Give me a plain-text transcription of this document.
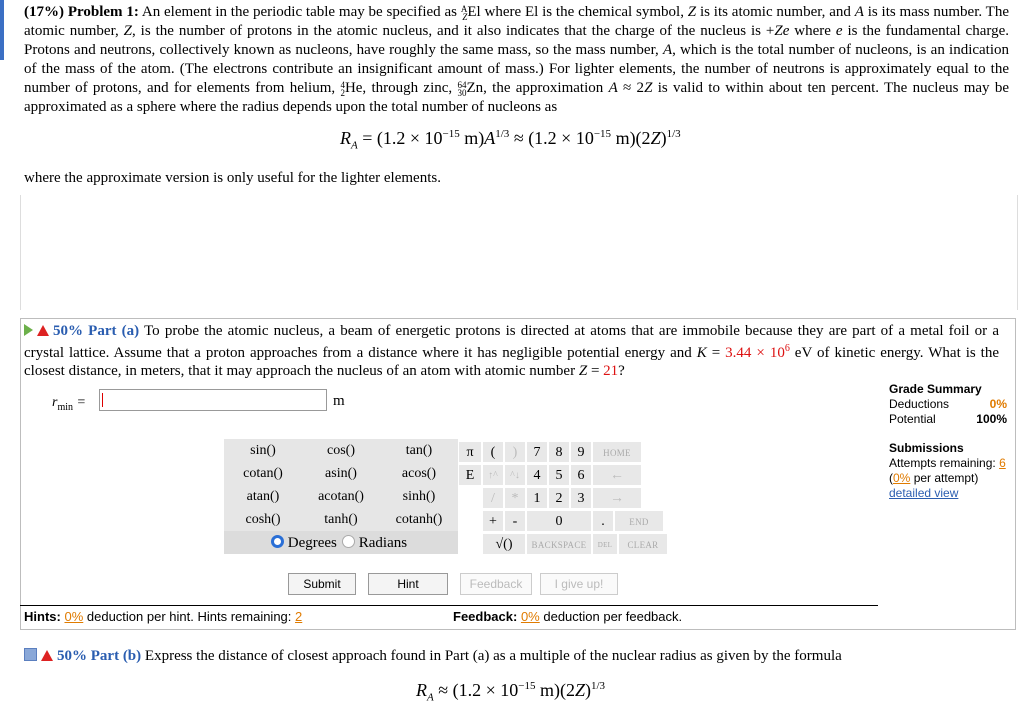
(17%) Problem 1: An element in the periodic table may be specified as A
ZEl where El is the chemical symbol, Z is its atomic number, and A is its mass number. The atomic number, Z, is the number of protons in the atomic nucleus, and it also indicates that the charge of the nucleus is +Ze where e is the fundamental charge. Protons and neutrons, collectively known as nucleons, have roughly the same mass, so the mass number, A, which is the total number of nucleons, is an indication of the mass of the atom. (The electrons contribute an insignificant amount of mass.) For lighter elements, the number of neutrons is approximately equal to the number of protons, and for elements from helium, 4
2He, through zinc, 64
30Zn, the approximation A ≈ 2Z is valid to within about ten percent. The nucleus may be approximated as a sphere where the radius depends upon the total number of nucleons as
$R_A = (1.2 \times 10^{-15}$ $m)A^{1/3} \approx (1.2 \times 10^{-15}$ $m)(2Z)^{1/3}$
where the approximate version is only useful for the lighter elements.
50% Part (a) To probe the atomic nucleus, a beam of energetic protons is directed at atoms that are immobile because they are part of a metal foil or a crystal lattice. Assume that a proton approaches from a distance where it has negligible potential energy and $K = 3.44 \times 10^6$ eV of kinetic energy. What is the closest distance, in meters, that it may approach the nucleus of an atom with atomic number Z = 21?
$r_{min}$ =	m
sin()	cos()	tan()
cotan()	asin()	acos()
atan()	acotan()	sinh()
cosh()	tanh()	cotanh()
Degrees	Radians
π	(	)	7	8	9	HOME
E	↑^	^↓ 4	5	6	←
/	*	1	2	3	→
+	-	0	.	END
√()	BACKSPACE	DEL	CLEAR
Submit	Hint	Feedback	I give up!
Hints: 0% deduction per hint. Hints remaining: 2	Feedback: 0% deduction per feedback.
Grade Summary
Deductions	0%
Potential	100%
Submissions
Attempts remaining: 6
(0% per attempt)
detailed view
50% Part (b) Express the distance of closest approach found in Part (a) as a multiple of the nuclear radius as given by the formula
$R_A \approx (1.2 \times 10^{-15}$ $m)(2Z)^{1/3}$
